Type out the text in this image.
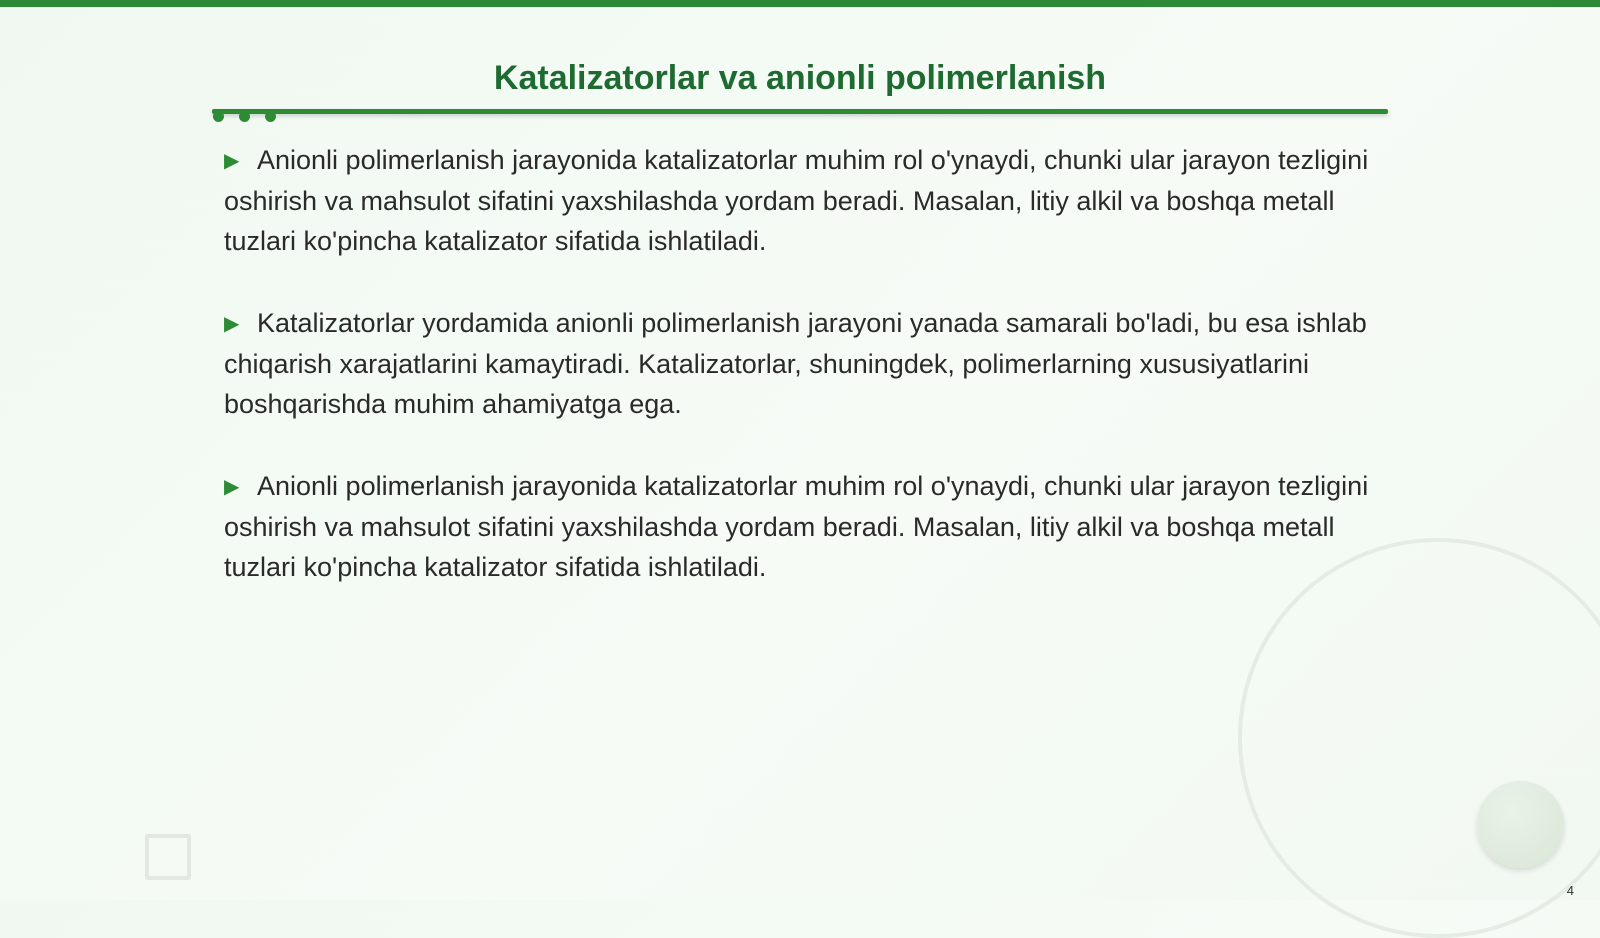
Katalizatorlar va anionli polimerlanish

▶ Anionli polimerlanish jarayonida katalizatorlar muhim rol o'ynaydi, chunki ular jarayon tezligini oshirish va mahsulot sifatini yaxshilashda yordam beradi. Masalan, litiy alkil va boshqa metall tuzlari ko'pincha katalizator sifatida ishlatiladi.

▶ Katalizatorlar yordamida anionli polimerlanish jarayoni yanada samarali bo'ladi, bu esa ishlab chiqarish xarajatlarini kamaytiradi. Katalizatorlar, shuningdek, polimerlarning xususiyatlarini boshqarishda muhim ahamiyatga ega.

▶ Anionli polimerlanish jarayonida katalizatorlar muhim rol o'ynaydi, chunki ular jarayon tezligini oshirish va mahsulot sifatini yaxshilashda yordam beradi. Masalan, litiy alkil va boshqa metall tuzlari ko'pincha katalizator sifatida ishlatiladi.

4
